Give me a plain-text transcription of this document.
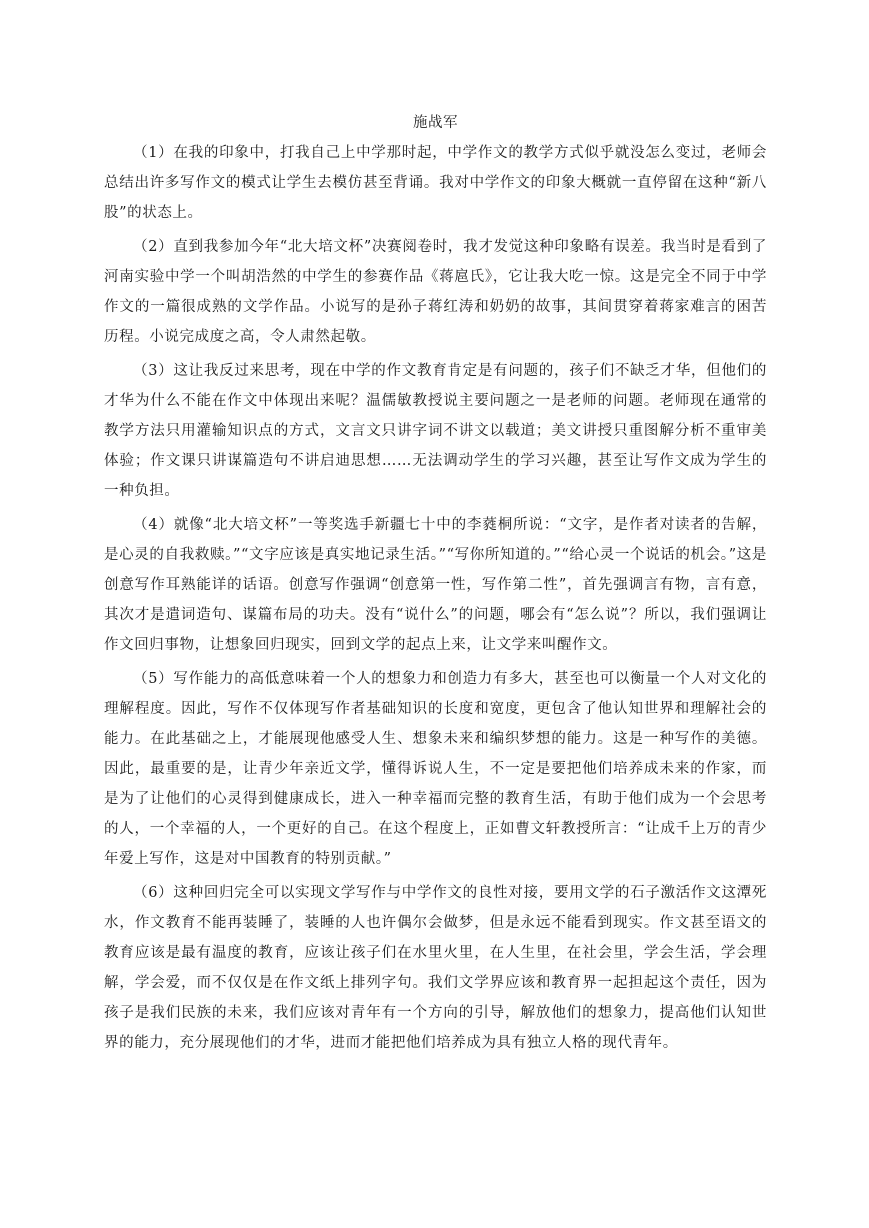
施战军

（1）在我的印象中，打我自己上中学那时起，中学作文的教学方式似乎就没怎么变过，老师会总结出许多写作文的模式让学生去模仿甚至背诵。我对中学作文的印象大概就一直停留在这种“新八股”的状态上。

（2）直到我参加今年“北大培文杯”决赛阅卷时，我才发觉这种印象略有误差。我当时是看到了河南实验中学一个叫胡浩然的中学生的参赛作品《蒋扈氏》，它让我大吃一惊。这是完全不同于中学作文的一篇很成熟的文学作品。小说写的是孙子蒋红涛和奶奶的故事，其间贯穿着蒋家难言的困苦历程。小说完成度之高，令人肃然起敬。

（3）这让我反过来思考，现在中学的作文教育肯定是有问题的，孩子们不缺乏才华，但他们的才华为什么不能在作文中体现出来呢？温儒敏教授说主要问题之一是老师的问题。老师现在通常的教学方法只用灌输知识点的方式，文言文只讲字词不讲文以载道；美文讲授只重图解分析不重审美体验；作文课只讲谋篇造句不讲启迪思想……无法调动学生的学习兴趣，甚至让写作文成为学生的一种负担。

（4）就像“北大培文杯”一等奖选手新疆七十中的李蕤桐所说：“文字，是作者对读者的告解，是心灵的自我救赎。”“文字应该是真实地记录生活。”“写你所知道的。”“给心灵一个说话的机会。”这是创意写作耳熟能详的话语。创意写作强调“创意第一性，写作第二性”，首先强调言有物，言有意，其次才是遣词造句、谋篇布局的功夫。没有“说什么”的问题，哪会有“怎么说”？所以，我们强调让作文回归事物，让想象回归现实，回到文学的起点上来，让文学来叫醒作文。

（5）写作能力的高低意味着一个人的想象力和创造力有多大，甚至也可以衡量一个人对文化的理解程度。因此，写作不仅体现写作者基础知识的长度和宽度，更包含了他认知世界和理解社会的能力。在此基础之上，才能展现他感受人生、想象未来和编织梦想的能力。这是一种写作的美德。因此，最重要的是，让青少年亲近文学，懂得诉说人生，不一定是要把他们培养成未来的作家，而是为了让他们的心灵得到健康成长，进入一种幸福而完整的教育生活，有助于他们成为一个会思考的人，一个幸福的人，一个更好的自己。在这个程度上，正如曹文轩教授所言：“让成千上万的青少年爱上写作，这是对中国教育的特别贡献。”

（6）这种回归完全可以实现文学写作与中学作文的良性对接，要用文学的石子激活作文这潭死水，作文教育不能再装睡了，装睡的人也许偶尔会做梦，但是永远不能看到现实。作文甚至语文的教育应该是最有温度的教育，应该让孩子们在水里火里，在人生里，在社会里，学会生活，学会理解，学会爱，而不仅仅是在作文纸上排列字句。我们文学界应该和教育界一起担起这个责任，因为孩子是我们民族的未来，我们应该对青年有一个方向的引导，解放他们的想象力，提高他们认知世界的能力，充分展现他们的才华，进而才能把他们培养成为具有独立人格的现代青年。
